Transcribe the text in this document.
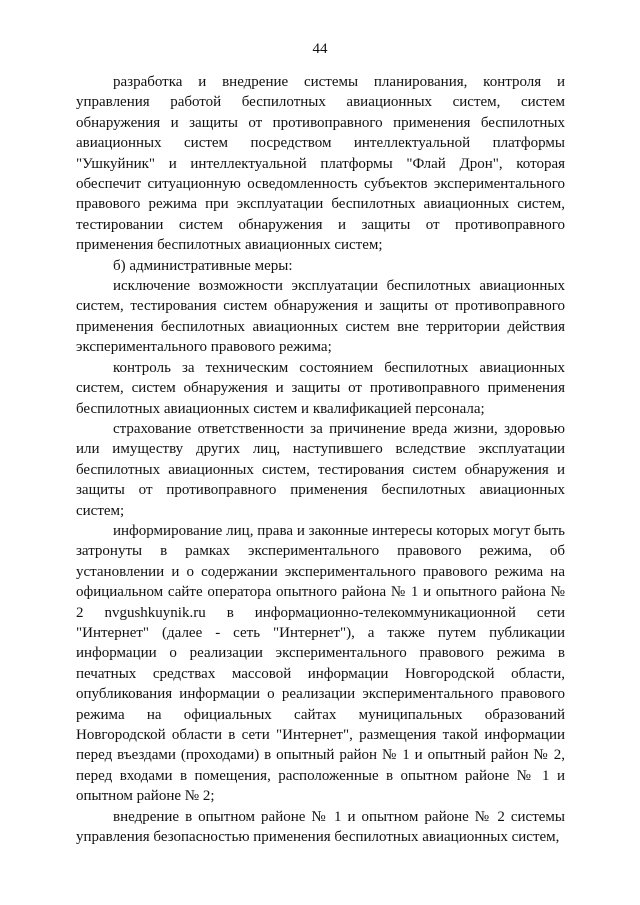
44

разработка и внедрение системы планирования, контроля и управления работой беспилотных авиационных систем, систем обнаружения и защиты от противоправного применения беспилотных авиационных систем посредством интеллектуальной платформы "Ушкуйник" и интеллектуальной платформы "Флай Дрон", которая обеспечит ситуационную осведомленность субъектов экспериментального правового режима при эксплуатации беспилотных авиационных систем, тестировании систем обнаружения и защиты от противоправного применения беспилотных авиационных систем;

б) административные меры:

исключение возможности эксплуатации беспилотных авиационных систем, тестирования систем обнаружения и защиты от противоправного применения беспилотных авиационных систем вне территории действия экспериментального правового режима;

контроль за техническим состоянием беспилотных авиационных систем, систем обнаружения и защиты от противоправного применения беспилотных авиационных систем и квалификацией персонала;

страхование ответственности за причинение вреда жизни, здоровью или имуществу других лиц, наступившего вследствие эксплуатации беспилотных авиационных систем, тестирования систем обнаружения и защиты от противоправного применения беспилотных авиационных систем;

информирование лиц, права и законные интересы которых могут быть затронуты в рамках экспериментального правового режима, об установлении и о содержании экспериментального правового режима на официальном сайте оператора опытного района № 1 и опытного района № 2 nvgushkuynik.ru в информационно-телекоммуникационной сети "Интернет" (далее - сеть "Интернет"), а также путем публикации информации о реализации экспериментального правового режима в печатных средствах массовой информации Новгородской области, опубликования информации о реализации экспериментального правового режима на официальных сайтах муниципальных образований Новгородской области в сети "Интернет", размещения такой информации перед въездами (проходами) в опытный район № 1 и опытный район № 2, перед входами в помещения, расположенные в опытном районе № 1 и опытном районе № 2;

внедрение в опытном районе № 1 и опытном районе № 2 системы управления безопасностью применения беспилотных авиационных систем,
